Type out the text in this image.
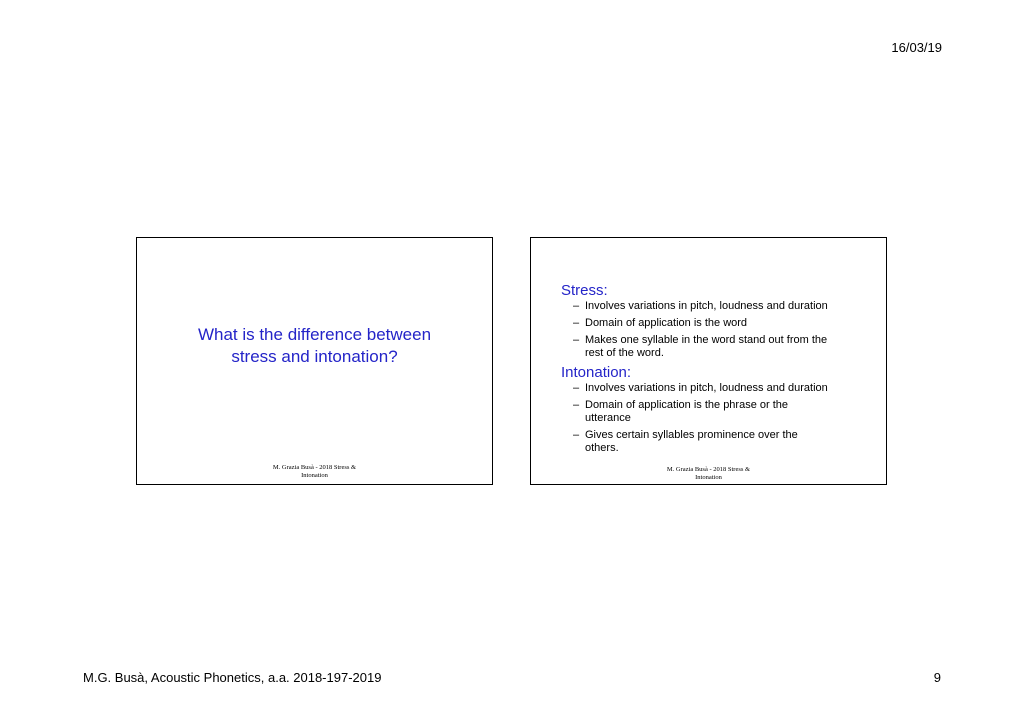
16/03/19
What is the difference between
stress and intonation?
M. Grazia Busà - 2018 Stress &
Intonation
Stress:
– Involves variations in pitch, loudness and duration
– Domain of application is the word
– Makes one syllable in the word stand out from the
rest of the word.
Intonation:
– Involves variations in pitch, loudness and duration
– Domain of application is the phrase or the
utterance
– Gives certain syllables prominence over the
others.
M. Grazia Busà - 2018 Stress &
Intonation
M.G. Busà, Acoustic Phonetics, a.a. 2018-197-2019	9
